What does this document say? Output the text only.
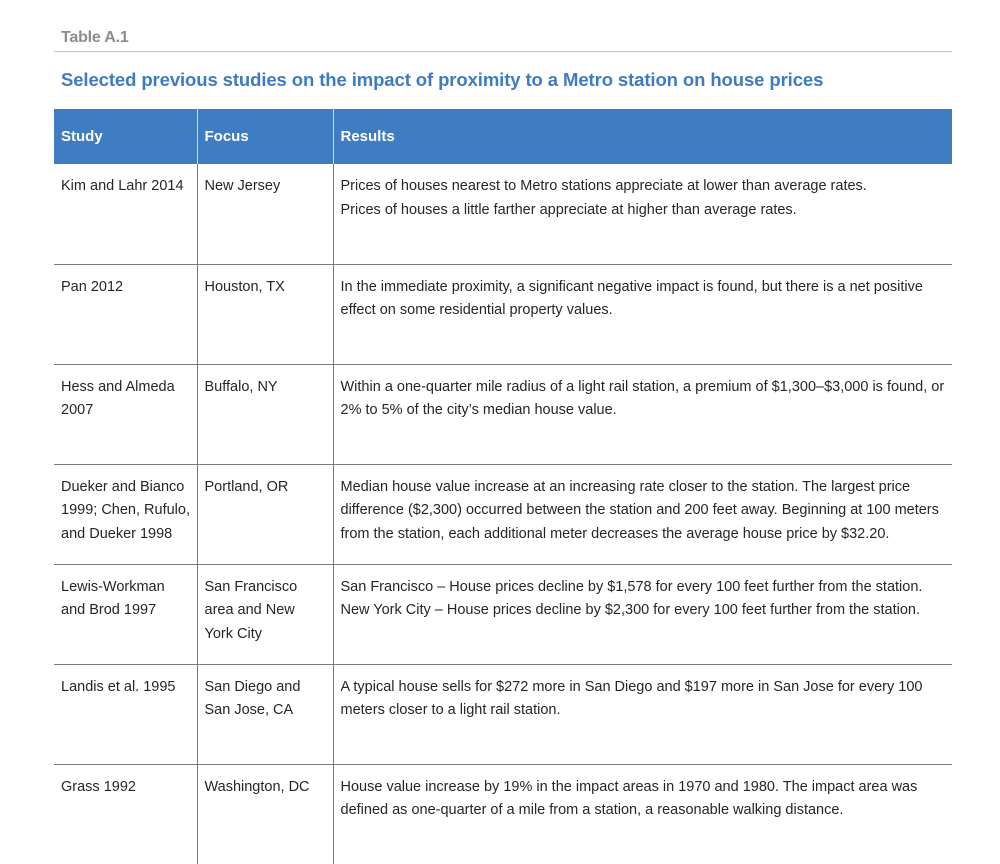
Table A.1
Selected previous studies on the impact of proximity to a Metro station on house prices
Study	Focus	Results
Kim and Lahr 2014	New Jersey	Prices of houses nearest to Metro stations appreciate at lower than average rates.
Prices of houses a little farther appreciate at higher than average rates.

Pan 2012	Houston, TX	In the immediate proximity, a significant negative impact is found, but there is a net positive effect on some residential property values.

Hess and Almeda 2007	Buffalo, NY	Within a one-quarter mile radius of a light rail station, a premium of $1,300–$3,000 is found, or 2% to 5% of the city’s median house value.

Dueker and Bianco 1999; Chen, Rufulo, and Dueker 1998	Portland, OR	Median house value increase at an increasing rate closer to the station. The largest price difference ($2,300) occurred between the station and 200 feet away. Beginning at 100 meters from the station, each additional meter decreases the average house price by $32.20.

Lewis-Workman and Brod 1997	San Francisco area and New York City	San Francisco – House prices decline by $1,578 for every 100 feet further from the station.
New York City – House prices decline by $2,300 for every 100 feet further from the station.

Landis et al. 1995	San Diego and San Jose, CA	A typical house sells for $272 more in San Diego and $197 more in San Jose for every 100 meters closer to a light rail station.

Grass 1992	Washington, DC	House value increase by 19% in the impact areas in 1970 and 1980. The impact area was defined as one-quarter of a mile from a station, a reasonable walking distance.
